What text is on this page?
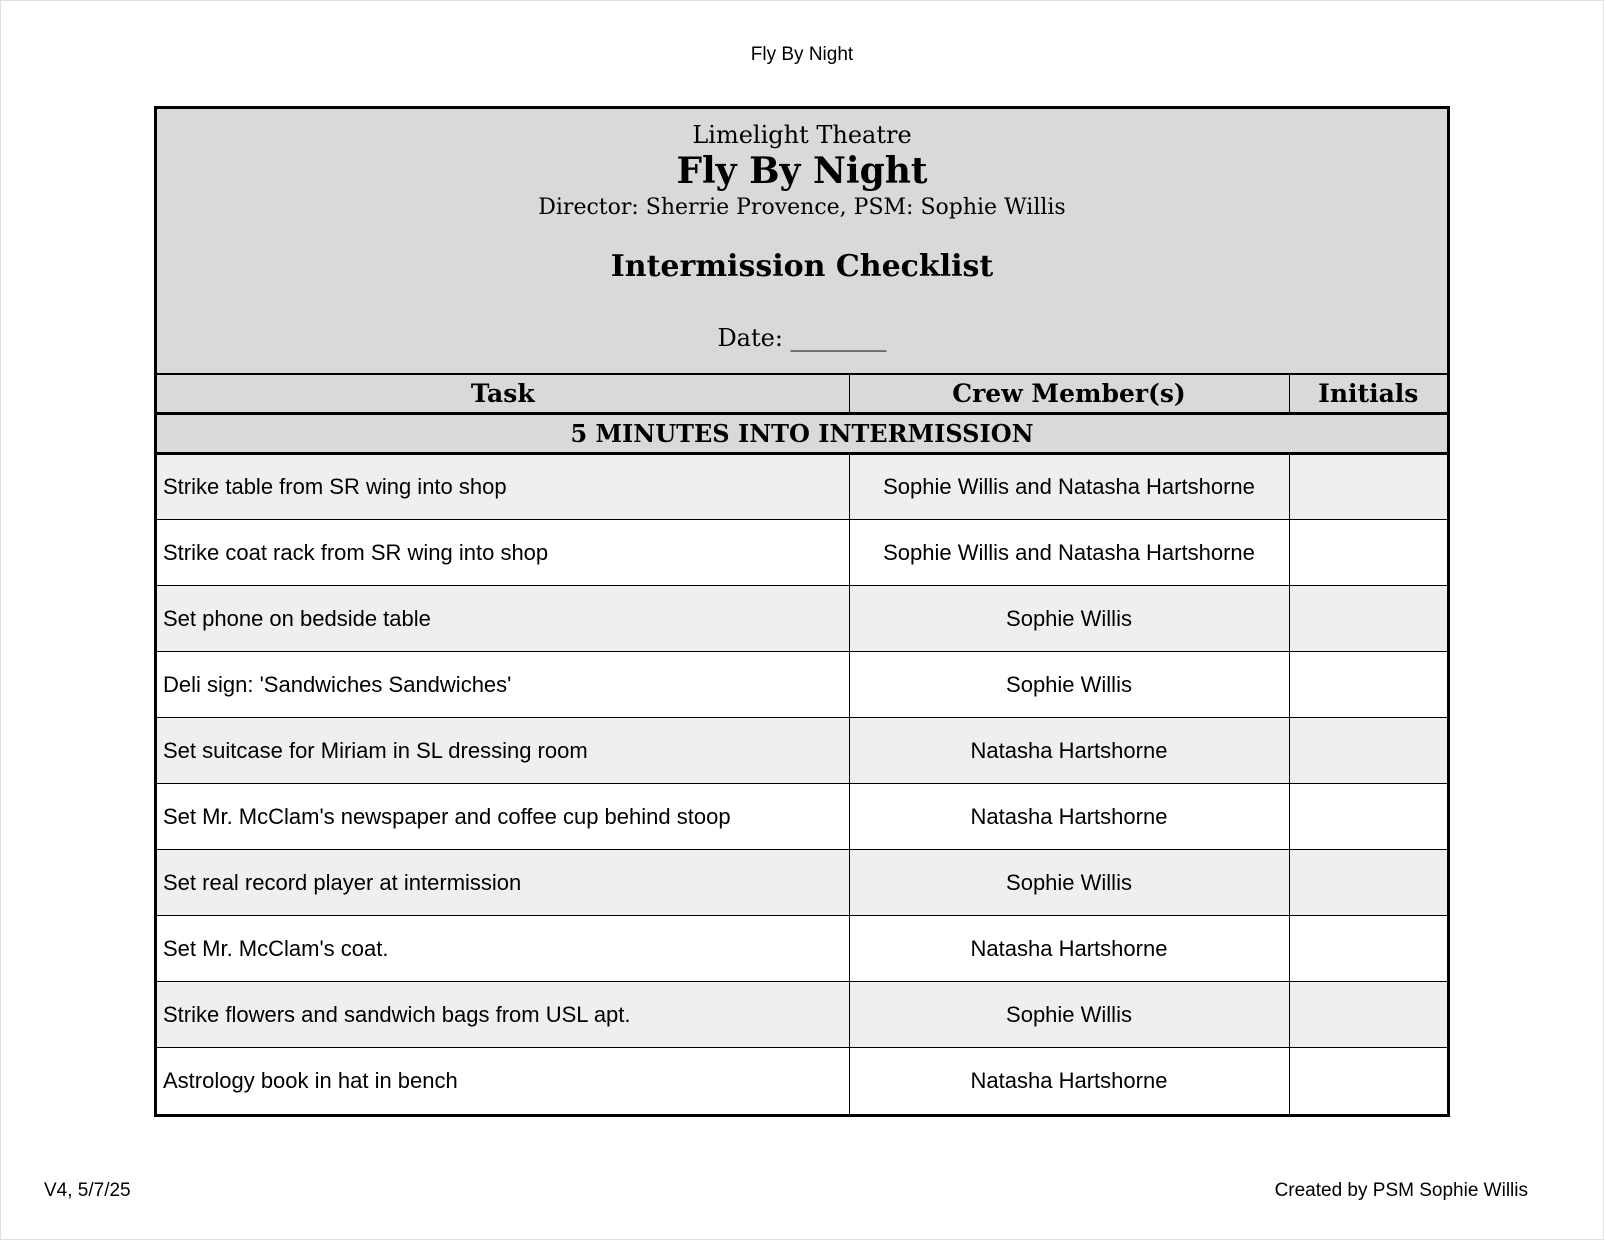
Fly By Night
Limelight Theatre
Fly By Night
Director: Sherrie Provence, PSM: Sophie Willis
Intermission Checklist
Date: ________
Task	Crew Member(s)	Initials
5 MINUTES INTO INTERMISSION		
Strike table from SR wing into shop	Sophie Willis and Natasha Hartshorne	
Strike coat rack from SR wing into shop	Sophie Willis and Natasha Hartshorne	
Set phone on bedside table	Sophie Willis	
Deli sign: 'Sandwiches Sandwiches'	Sophie Willis	
Set suitcase for Miriam in SL dressing room	Natasha Hartshorne	
Set Mr. McClam's newspaper and coffee cup behind stoop	Natasha Hartshorne	
Set real record player at intermission	Sophie Willis	
Set Mr. McClam's coat.	Natasha Hartshorne	
Strike flowers and sandwich bags from USL apt.	Sophie Willis	
Astrology book in hat in bench	Natasha Hartshorne	
V4, 5/7/25	Created by PSM Sophie Willis
